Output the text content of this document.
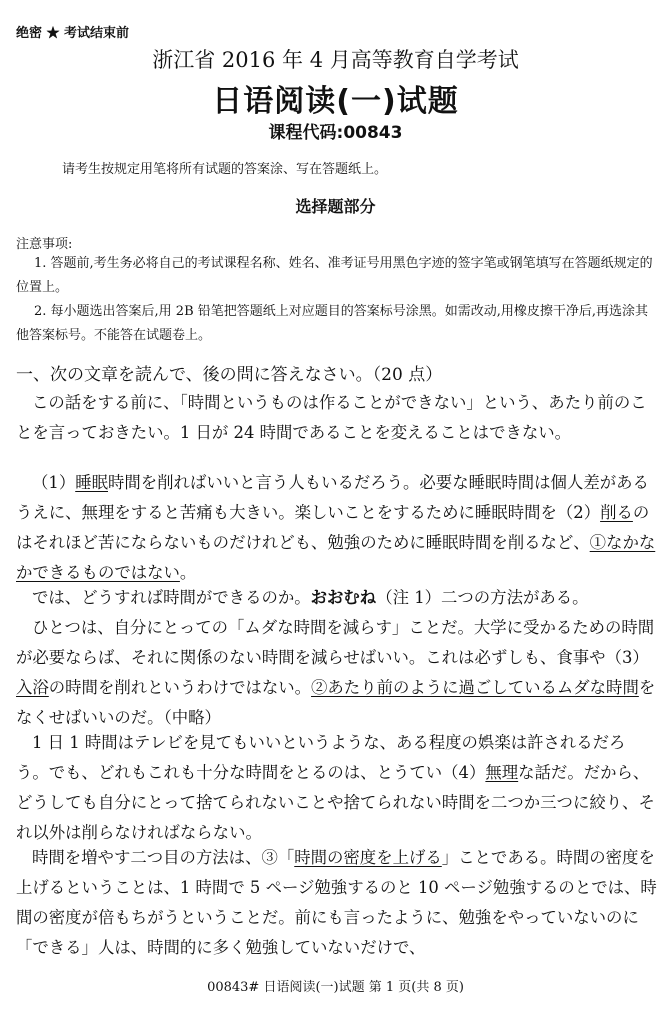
绝密 ★ 考试结束前
浙江省 2016 年 4 月高等教育自学考试
日语阅读(一)试题
课程代码:00843
请考生按规定用笔将所有试题的答案涂、写在答题纸上。
选择题部分
注意事项:
1. 答题前,考生务必将自己的考试课程名称、姓名、准考证号用黑色字迹的签字笔或钢笔填写在答题纸规定的位置上。
2. 每小题选出答案后,用 2B 铅笔把答题纸上对应题目的答案标号涂黑。如需改动,用橡皮擦干净后,再选涂其他答案标号。不能答在试题卷上。
一、次の文章を読んで、後の問に答えなさい。（20 点）
この話をする前に、「時間というものは作ることができない」という、あたり前のことを言っておきたい。1 日が 24 時間であることを変えることはできない。
（1）睡眠時間を削ればいいと言う人もいるだろう。必要な睡眠時間は個人差があるうえに、無理をすると苦痛も大きい。楽しいことをするために睡眠時間を（2）削るのはそれほど苦にならないものだけれども、勉強のために睡眠時間を削るなど、①なかなかできるものではない。
では、どうすれば時間ができるのか。おおむね（注 1）二つの方法がある。
ひとつは、自分にとっての「ムダな時間を減らす」ことだ。大学に受かるための時間が必要ならば、それに関係のない時間を減らせばいい。これは必ずしも、食事や（3）入浴の時間を削れというわけではない。②あたり前のように過ごしているムダな時間をなくせばいいのだ。（中略）
1 日 1 時間はテレビを見てもいいというような、ある程度の娯楽は許されるだろう。でも、どれもこれも十分な時間をとるのは、とうてい（4）無理な話だ。だから、どうしても自分にとって捨てられないことや捨てられない時間を二つか三つに絞り、それ以外は削らなければならない。
時間を増やす二つ目の方法は、③「時間の密度を上げる」ことである。時間の密度を上げるということは、1 時間で 5 ページ勉強するのと 10 ページ勉強するのとでは、時間の密度が倍もちがうということだ。前にも言ったように、勉強をやっていないのに「できる」人は、時間的に多く勉強していないだけで、
00843# 日语阅读(一)试题 第 1 页(共 8 页)
